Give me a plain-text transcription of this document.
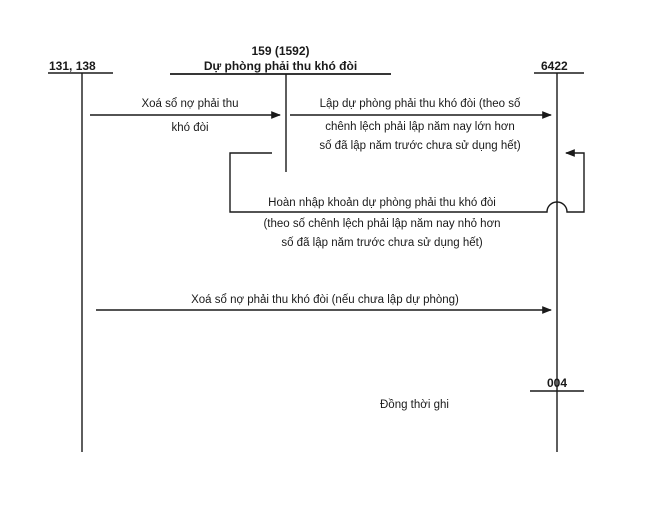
131, 138
159 (1592)
Dự phòng phải thu khó đòi	6422
004
Xoá sổ nợ phải thu
khó đòi
Lập dự phòng phải thu khó đòi (theo số
chênh lệch phải lập năm nay lớn hơn
số đã lập năm trước chưa sử dụng hết)
Hoàn nhập khoản dự phòng phải thu khó đòi
(theo số chênh lệch phải lập năm nay nhỏ hơn
số đã lập năm trước chưa sử dụng hết)
Xoá sổ nợ phải thu khó đòi (nếu chưa lập dự phòng)
Đồng thời ghi
